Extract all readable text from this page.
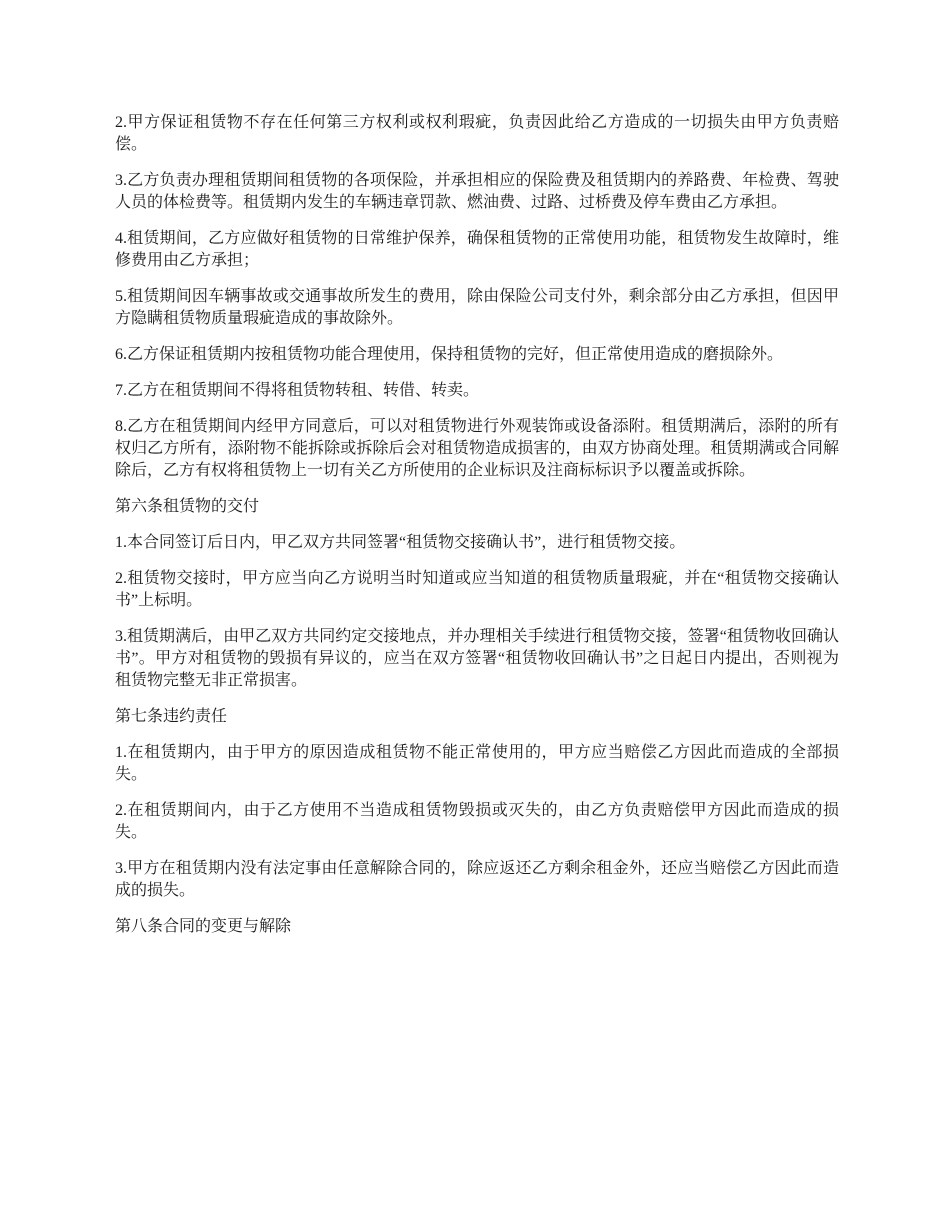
2.甲方保证租赁物不存在任何第三方权利或权利瑕疵，负责因此给乙方造成的一切损失由甲方负责赔偿。

3.乙方负责办理租赁期间租赁物的各项保险，并承担相应的保险费及租赁期内的养路费、年检费、驾驶人员的体检费等。租赁期内发生的车辆违章罚款、燃油费、过路、过桥费及停车费由乙方承担。

4.租赁期间，乙方应做好租赁物的日常维护保养，确保租赁物的正常使用功能，租赁物发生故障时，维修费用由乙方承担；

5.租赁期间因车辆事故或交通事故所发生的费用，除由保险公司支付外，剩余部分由乙方承担，但因甲方隐瞒租赁物质量瑕疵造成的事故除外。

6.乙方保证租赁期内按租赁物功能合理使用，保持租赁物的完好，但正常使用造成的磨损除外。

7.乙方在租赁期间不得将租赁物转租、转借、转卖。

8.乙方在租赁期间内经甲方同意后，可以对租赁物进行外观装饰或设备添附。租赁期满后，添附的所有权归乙方所有，添附物不能拆除或拆除后会对租赁物造成损害的，由双方协商处理。租赁期满或合同解除后，乙方有权将租赁物上一切有关乙方所使用的企业标识及注商标标识予以覆盖或拆除。

第六条租赁物的交付

1.本合同签订后日内，甲乙双方共同签署“租赁物交接确认书”，进行租赁物交接。

2.租赁物交接时，甲方应当向乙方说明当时知道或应当知道的租赁物质量瑕疵，并在“租赁物交接确认书”上标明。

3.租赁期满后，由甲乙双方共同约定交接地点，并办理相关手续进行租赁物交接，签署“租赁物收回确认书”。甲方对租赁物的毁损有异议的，应当在双方签署“租赁物收回确认书”之日起日内提出，否则视为租赁物完整无非正常损害。

第七条违约责任

1.在租赁期内，由于甲方的原因造成租赁物不能正常使用的，甲方应当赔偿乙方因此而造成的全部损失。

2.在租赁期间内，由于乙方使用不当造成租赁物毁损或灭失的，由乙方负责赔偿甲方因此而造成的损失。

3.甲方在租赁期内没有法定事由任意解除合同的，除应返还乙方剩余租金外，还应当赔偿乙方因此而造成的损失。

第八条合同的变更与解除
